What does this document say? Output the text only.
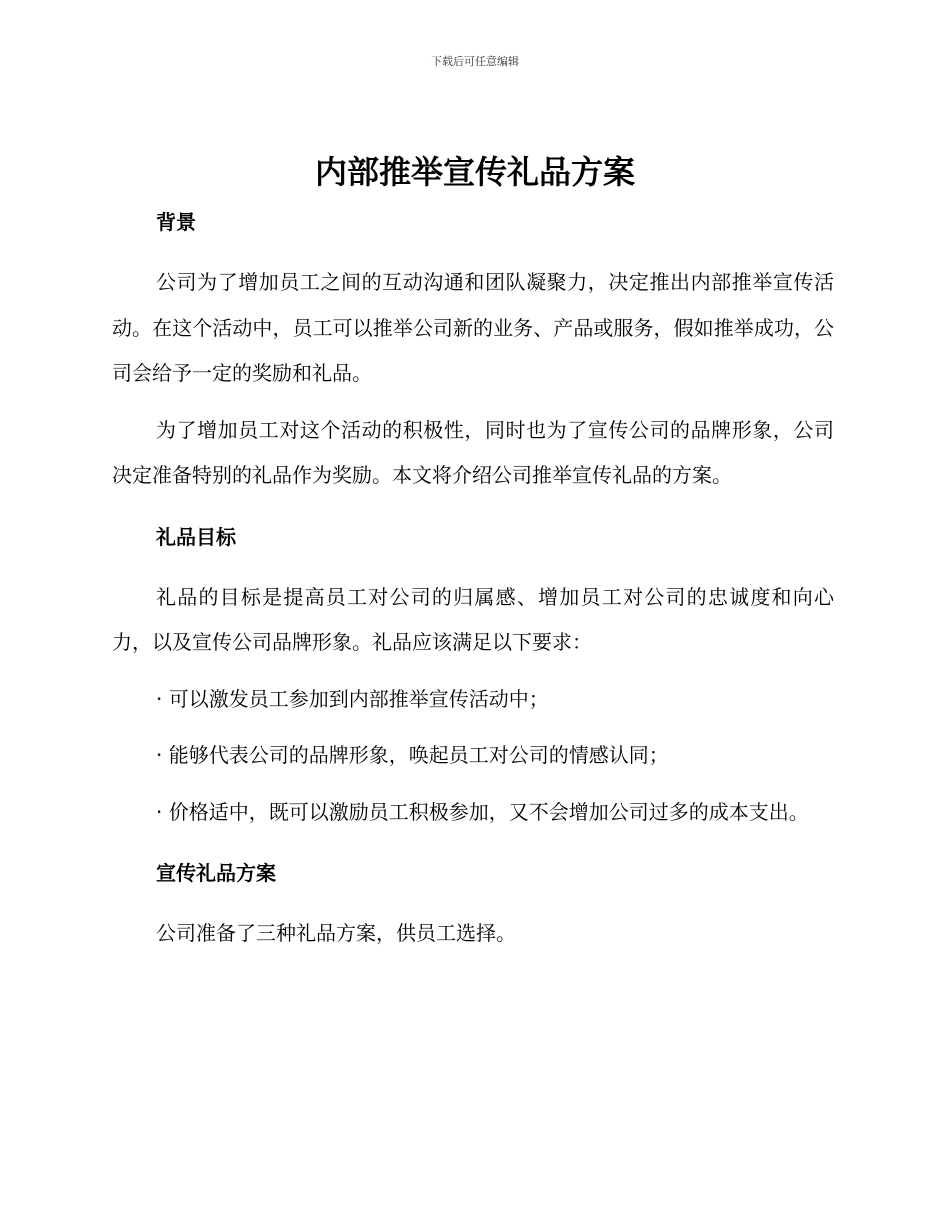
下载后可任意编辑
内部推举宣传礼品方案
背景

公司为了增加员工之间的互动沟通和团队凝聚力，决定推出内部推举宣传活动。在这个活动中，员工可以推举公司新的业务、产品或服务，假如推举成功，公司会给予一定的奖励和礼品。

为了增加员工对这个活动的积极性，同时也为了宣传公司的品牌形象，公司决定准备特别的礼品作为奖励。本文将介绍公司推举宣传礼品的方案。

礼品目标

礼品的目标是提高员工对公司的归属感、增加员工对公司的忠诚度和向心力，以及宣传公司品牌形象。礼品应该满足以下要求：

· 可以激发员工参加到内部推举宣传活动中；

· 能够代表公司的品牌形象，唤起员工对公司的情感认同；

· 价格适中，既可以激励员工积极参加，又不会增加公司过多的成本支出。

宣传礼品方案

公司准备了三种礼品方案，供员工选择。
